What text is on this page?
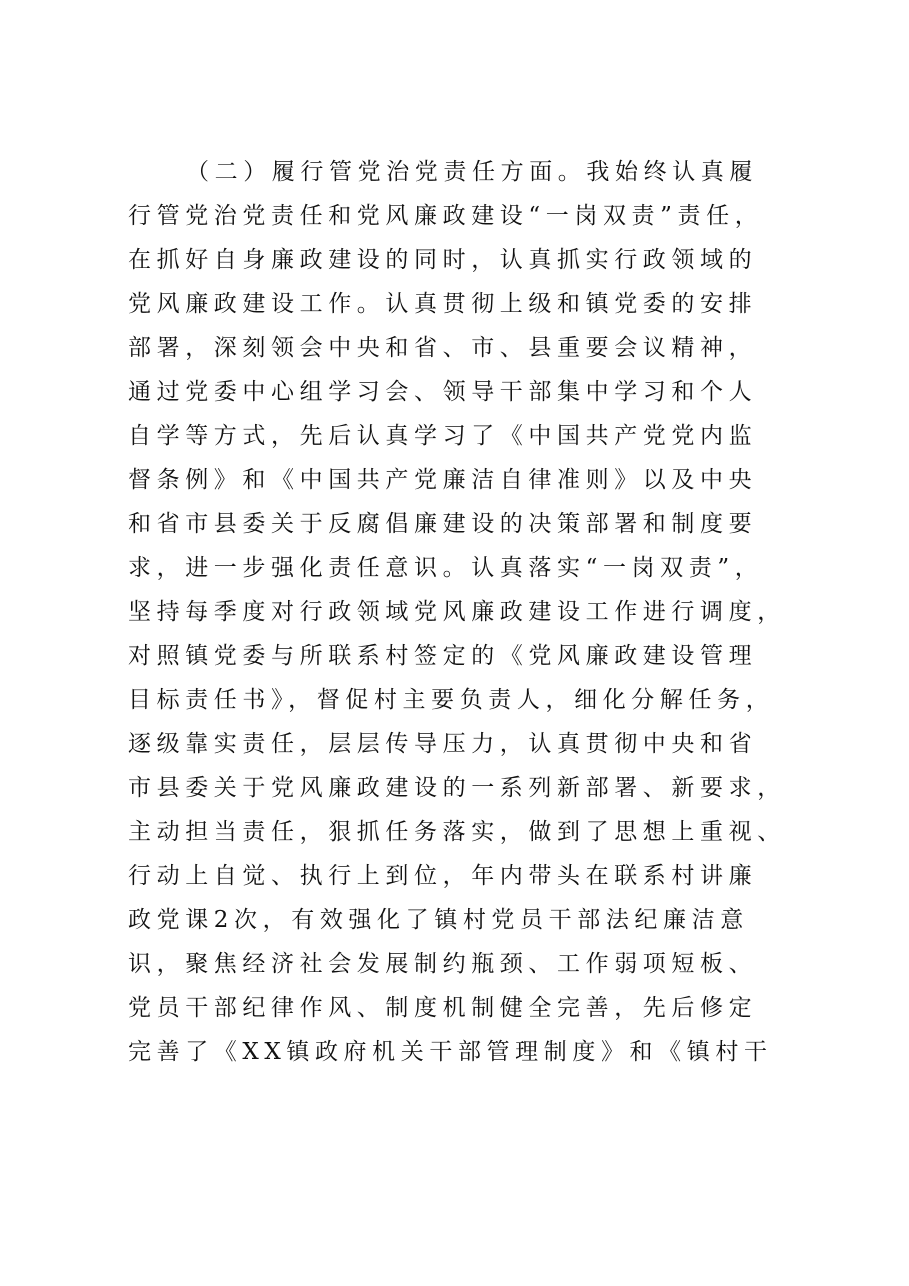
（二）履行管党治党责任方面。我始终认真履
行管党治党责任和党风廉政建设“一岗双责”责任，
在抓好自身廉政建设的同时，认真抓实行政领域的
党风廉政建设工作。认真贯彻上级和镇党委的安排
部署，深刻领会中央和省、市、县重要会议精神，
通过党委中心组学习会、领导干部集中学习和个人
自学等方式，先后认真学习了《中国共产党党内监
督条例》和《中国共产党廉洁自律准则》以及中央
和省市县委关于反腐倡廉建设的决策部署和制度要
求，进一步强化责任意识。认真落实“一岗双责”，
坚持每季度对行政领域党风廉政建设工作进行调度，
对照镇党委与所联系村签定的《党风廉政建设管理
目标责任书》，督促村主要负责人，细化分解任务，
逐级靠实责任，层层传导压力，认真贯彻中央和省
市县委关于党风廉政建设的一系列新部署、新要求，
主动担当责任，狠抓任务落实，做到了思想上重视、
行动上自觉、执行上到位，年内带头在联系村讲廉
政党课2次，有效强化了镇村党员干部法纪廉洁意
识，聚焦经济社会发展制约瓶颈、工作弱项短板、
党员干部纪律作风、制度机制健全完善，先后修定
完善了《XX镇政府机关干部管理制度》和《镇村干
